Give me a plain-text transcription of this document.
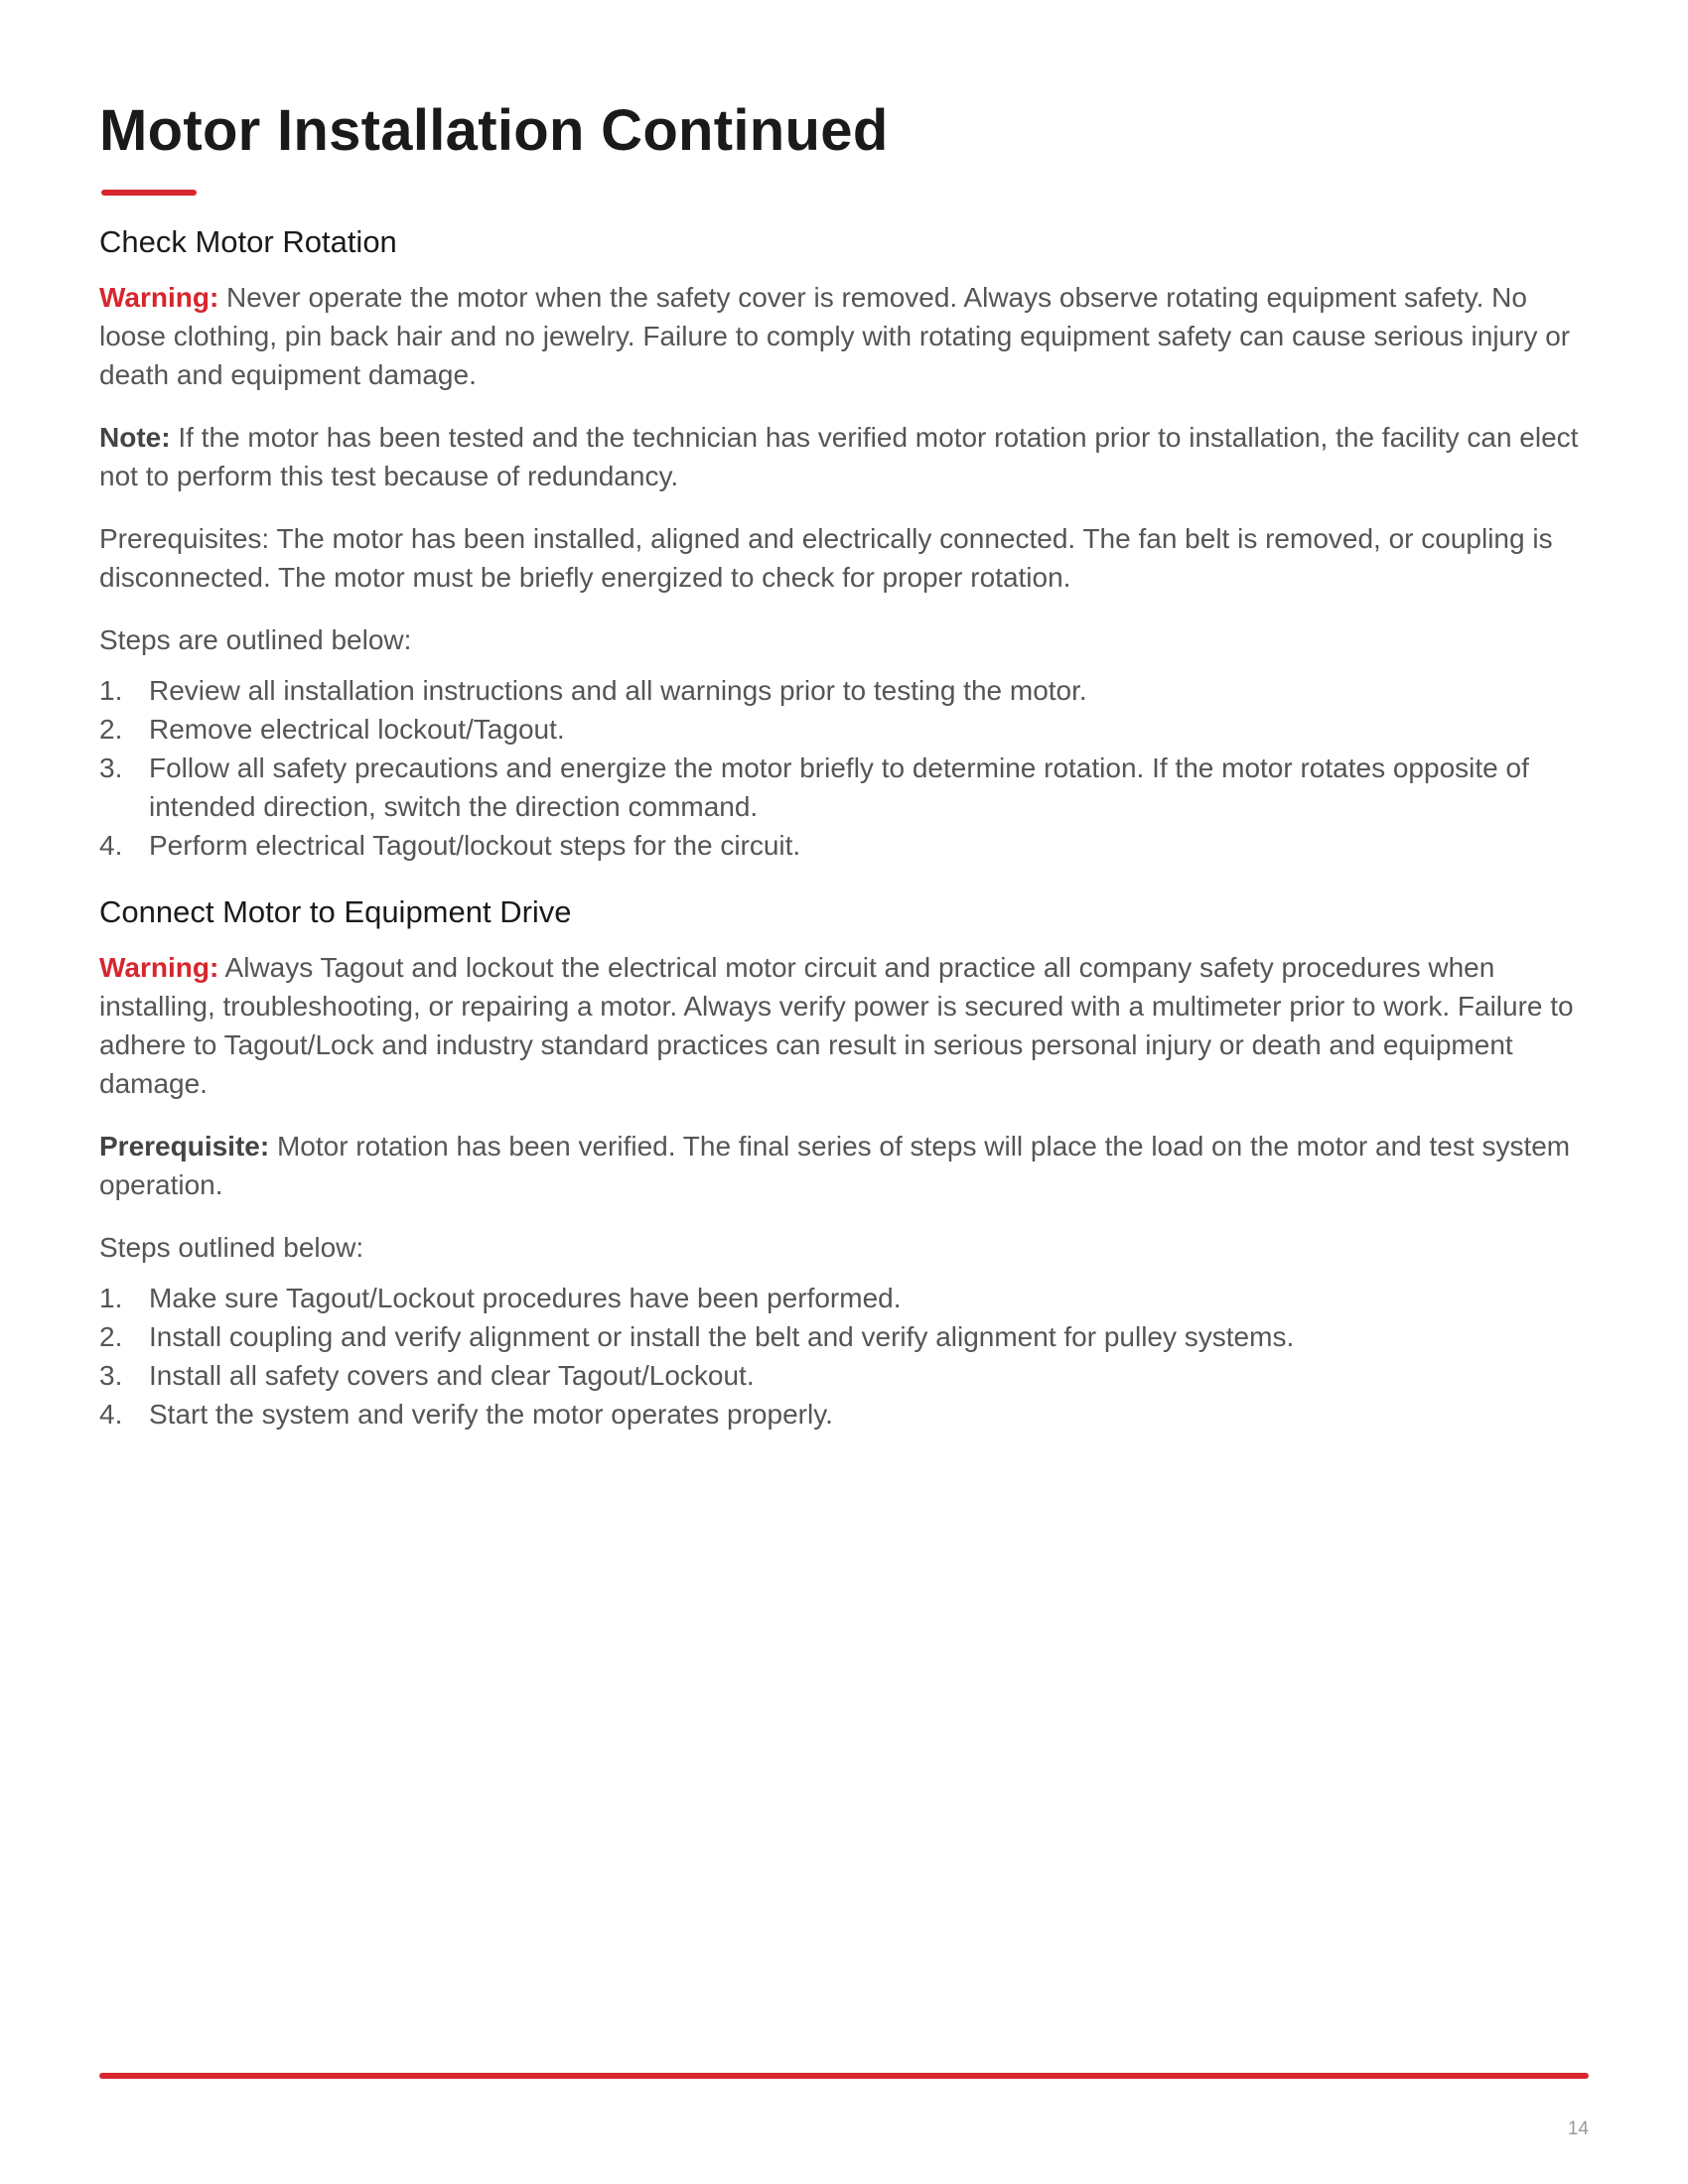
Motor Installation Continued
Check Motor Rotation

Warning: Never operate the motor when the safety cover is removed. Always observe rotating equipment safety. No loose clothing, pin back hair and no jewelry. Failure to comply with rotating equipment safety can cause serious injury or death and equipment damage.

Note: If the motor has been tested and the technician has verified motor rotation prior to installation, the facility can elect not to perform this test because of redundancy.

Prerequisites: The motor has been installed, aligned and electrically connected. The fan belt is removed, or coupling is disconnected. The motor must be briefly energized to check for proper rotation.

Steps are outlined below:

1. Review all installation instructions and all warnings prior to testing the motor.
2. Remove electrical lockout/Tagout.
3. Follow all safety precautions and energize the motor briefly to determine rotation. If the motor rotates opposite of intended direction, switch the direction command.
4. Perform electrical Tagout/lockout steps for the circuit.
Connect Motor to Equipment Drive

Warning: Always Tagout and lockout the electrical motor circuit and practice all company safety procedures when installing, troubleshooting, or repairing a motor. Always verify power is secured with a multimeter prior to work. Failure to adhere to Tagout/Lock and industry standard practices can result in serious personal injury or death and equipment damage.

Prerequisite: Motor rotation has been verified. The final series of steps will place the load on the motor and test system operation.

Steps outlined below:

1. Make sure Tagout/Lockout procedures have been performed.
2. Install coupling and verify alignment or install the belt and verify alignment for pulley systems.
3. Install all safety covers and clear Tagout/Lockout.
4. Start the system and verify the motor operates properly.
14
